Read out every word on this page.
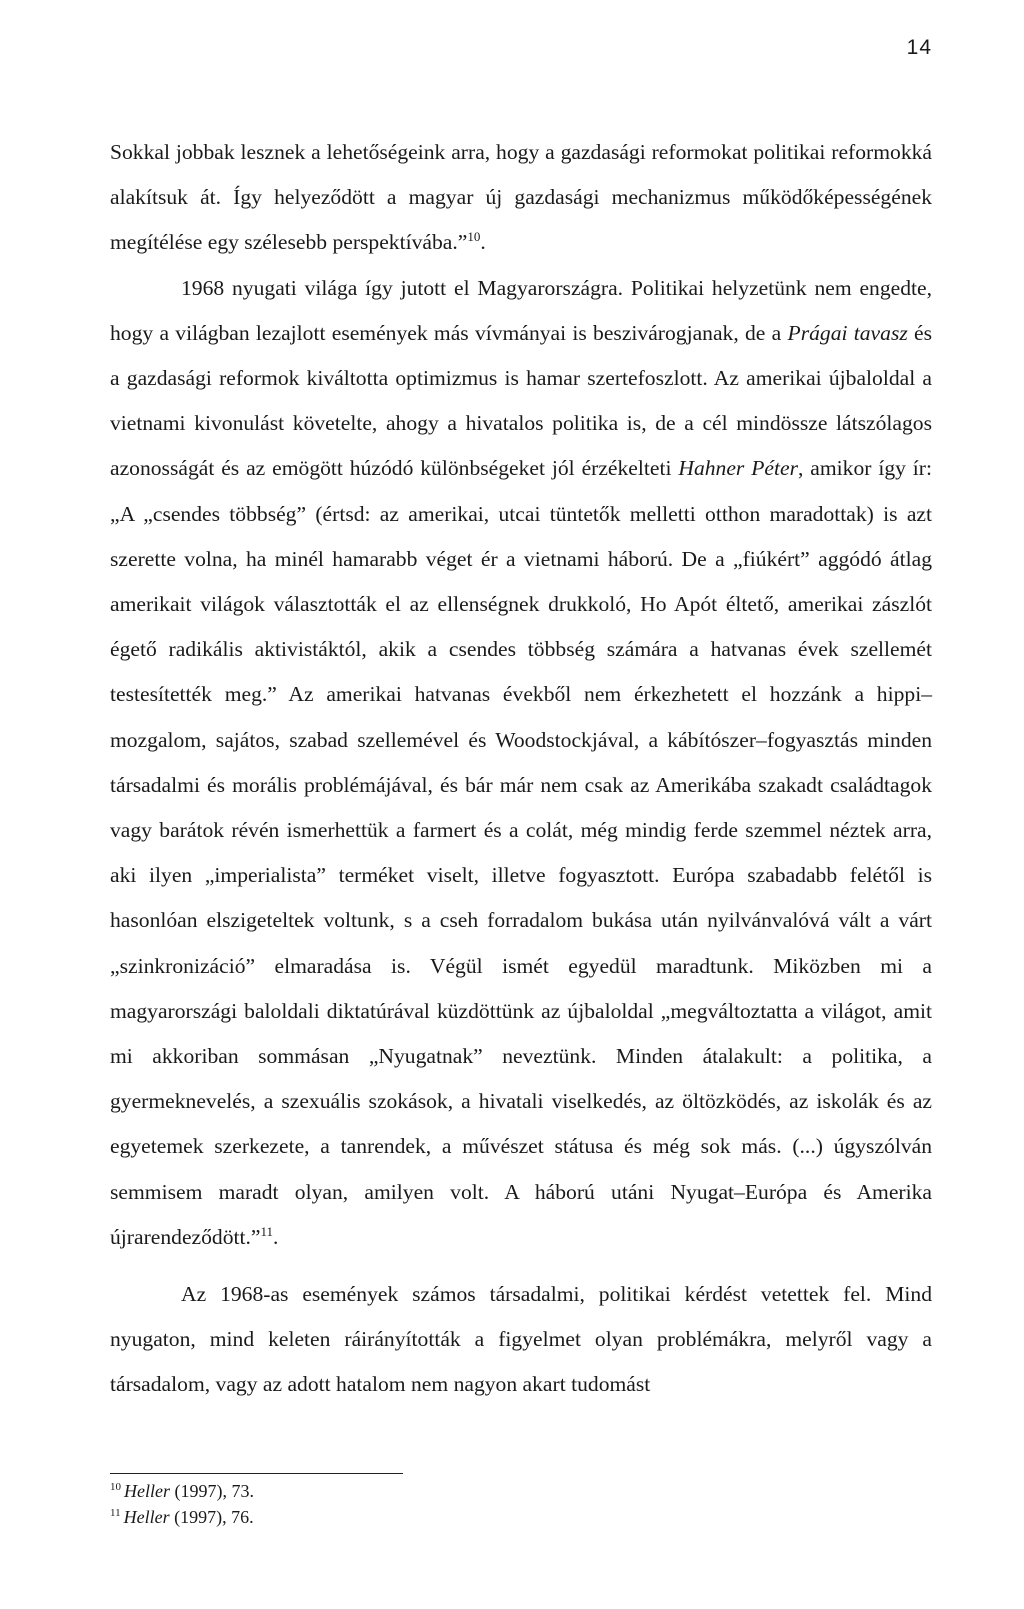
14

Sokkal jobbak lesznek a lehetőségeink arra, hogy a gazdasági reformokat politikai reformokká alakítsuk át. Így helyeződött a magyar új gazdasági mechanizmus működőképességének megítélése egy szélesebb perspektívába.”$^{10}$.

1968 nyugati világa így jutott el Magyarországra. Politikai helyzetünk nem engedte, hogy a világban lezajlott események más vívmányai is beszivárogjanak, de a Prágai tavasz és a gazdasági reformok kiváltotta optimizmus is hamar szertefoszlott. Az amerikai újbaloldal a vietnami kivonulást követelte, ahogy a hivatalos politika is, de a cél mindössze látszólagos azonosságát és az emögött húzódó különbségeket jól érzékelteti Hahner Péter, amikor így ír: „A „csendes többség” (értsd: az amerikai, utcai tüntetők melletti otthon maradottak) is azt szerette volna, ha minél hamarabb véget ér a vietnami háború. De a „fiúkért” aggódó átlag amerikait világok választották el az ellenségnek drukkoló, Ho Apót éltető, amerikai zászlót égető radikális aktivistáktól, akik a csendes többség számára a hatvanas évek szellemét testesítették meg.” Az amerikai hatvanas évekből nem érkezhetett el hozzánk a hippi–mozgalom, sajátos, szabad szellemével és Woodstockjával, a kábítószer–fogyasztás minden társadalmi és morális problémájával, és bár már nem csak az Amerikába szakadt családtagok vagy barátok révén ismerhettük a farmert és a colát, még mindig ferde szemmel néztek arra, aki ilyen „imperialista” terméket viselt, illetve fogyasztott. Európa szabadabb felétől is hasonlóan elszigeteltek voltunk, s a cseh forradalom bukása után nyilvánvalóvá vált a várt „szinkronizáció” elmaradása is. Végül ismét egyedül maradtunk. Miközben mi a magyarországi baloldali diktatúrával küzdöttünk az újbaloldal „megváltoztatta a világot, amit mi akkoriban sommásan „Nyugatnak” neveztünk. Minden átalakult: a politika, a gyermeknevelés, a szexuális szokások, a hivatali viselkedés, az öltözködés, az iskolák és az egyetemek szerkezete, a tanrendek, a művészet státusa és még sok más. (...) úgyszólván semmisem maradt olyan, amilyen volt. A háború utáni Nyugat–Európa és Amerika újrarendeződött.”$^{11}$.

Az 1968-as események számos társadalmi, politikai kérdést vetettek fel. Mind nyugaton, mind keleten ráirányították a figyelmet olyan problémákra, melyről vagy a társadalom, vagy az adott hatalom nem nagyon akart tudomást

$^{10}$ Heller (1997), 73.

$^{11}$ Heller (1997), 76.
